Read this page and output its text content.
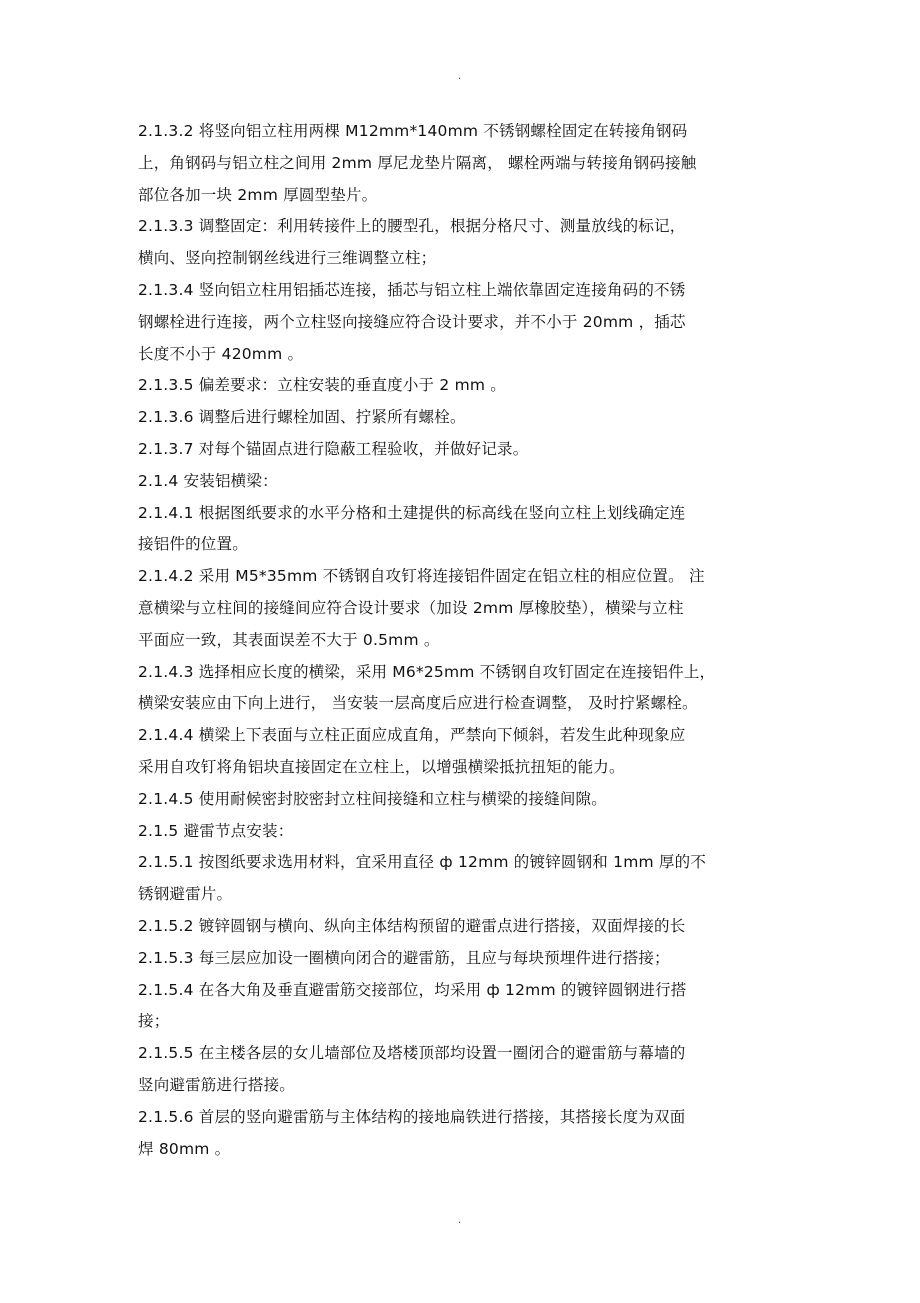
.
2.1.3.2 将竖向铝立柱用两棵 M12mm*140mm 不锈钢螺栓固定在转接角钢码
上，角钢码与铝立柱之间用 2mm 厚尼龙垫片隔离， 螺栓两端与转接角钢码接触
部位各加一块 2mm 厚圆型垫片。
2.1.3.3 调整固定：利用转接件上的腰型孔，根据分格尺寸、测量放线的标记，
横向、竖向控制钢丝线进行三维调整立柱；
2.1.3.4 竖向铝立柱用铝插芯连接，插芯与铝立柱上端依靠固定连接角码的不锈
钢螺栓进行连接，两个立柱竖向接缝应符合设计要求，并不小于 20mm ，插芯
长度不小于 420mm 。
2.1.3.5 偏差要求：立柱安装的垂直度小于 2 mm 。
2.1.3.6 调整后进行螺栓加固、拧紧所有螺栓。
2.1.3.7 对每个锚固点进行隐蔽工程验收，并做好记录。
2.1.4 安装铝横梁：
2.1.4.1 根据图纸要求的水平分格和土建提供的标高线在竖向立柱上划线确定连
接铝件的位置。
2.1.4.2 采用 M5*35mm 不锈钢自攻钉将连接铝件固定在铝立柱的相应位置。 注
意横梁与立柱间的接缝间应符合设计要求（加设 2mm 厚橡胶垫），横梁与立柱
平面应一致，其表面误差不大于 0.5mm 。
2.1.4.3 选择相应长度的横梁，采用 M6*25mm 不锈钢自攻钉固定在连接铝件上，
横梁安装应由下向上进行， 当安装一层高度后应进行检查调整， 及时拧紧螺栓。
2.1.4.4 横梁上下表面与立柱正面应成直角，严禁向下倾斜，若发生此种现象应
采用自攻钉将角铝块直接固定在立柱上，以增强横梁抵抗扭矩的能力。
2.1.4.5 使用耐候密封胶密封立柱间接缝和立柱与横梁的接缝间隙。
2.1.5 避雷节点安装：
2.1.5.1 按图纸要求选用材料，宜采用直径 ф 12mm 的镀锌圆钢和 1mm 厚的不
锈钢避雷片。
2.1.5.2 镀锌圆钢与横向、纵向主体结构预留的避雷点进行搭接，双面焊接的长
2.1.5.3 每三层应加设一圈横向闭合的避雷筋，且应与每块预埋件进行搭接；
2.1.5.4 在各大角及垂直避雷筋交接部位，均采用 ф 12mm 的镀锌圆钢进行搭
接；
2.1.5.5 在主楼各层的女儿墙部位及塔楼顶部均设置一圈闭合的避雷筋与幕墙的
竖向避雷筋进行搭接。
2.1.5.6 首层的竖向避雷筋与主体结构的接地扁铁进行搭接，其搭接长度为双面
焊 80mm 。
.
